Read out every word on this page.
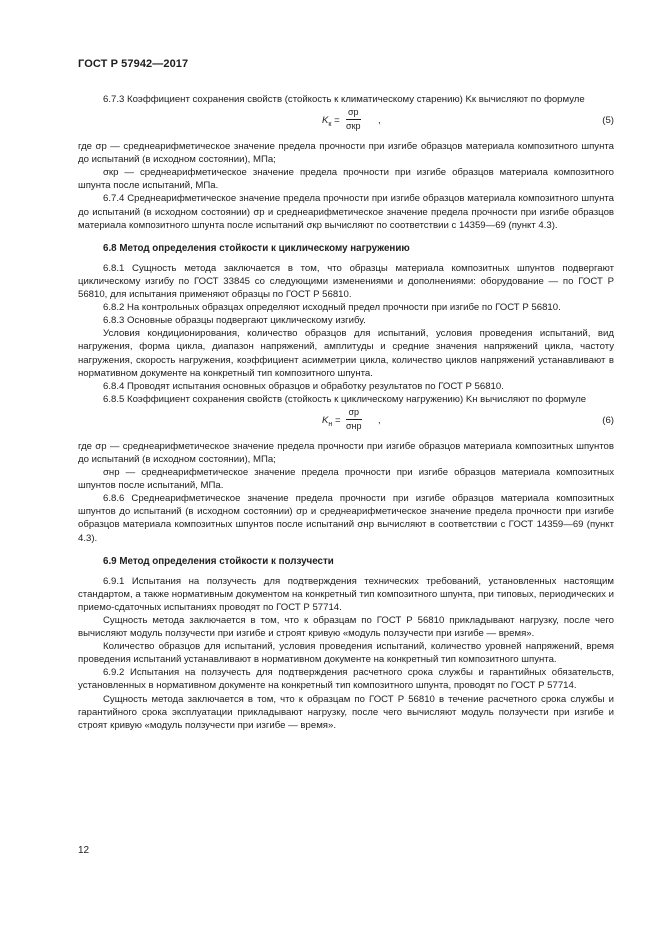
ГОСТ Р 57942—2017

6.7.3 Коэффициент сохранения свойств (стойкость к климатическому старению) Kк вычисляют по формуле

$K_к$ =
σр
σкр
,	(5)

где σр — среднеарифметическое значение предела прочности при изгибе образцов материала композитного шпунта до испытаний (в исходном состоянии), МПа;

σкр — среднеарифметическое значение предела прочности при изгибе образцов материала композитного шпунта после испытаний, МПа.

6.7.4 Среднеарифметическое значение предела прочности при изгибе образцов материала композитного шпунта до испытаний (в исходном состоянии) σр и среднеарифметическое значение предела прочности при изгибе образцов материала композитного шпунта после испытаний σкр вычисляют по соответствии с 14359—69 (пункт 4.3).

6.8 Метод определения стойкости к циклическому нагружению

6.8.1 Сущность метода заключается в том, что образцы материала композитных шпунтов подвергают циклическому изгибу по ГОСТ 33845 со следующими изменениями и дополнениями: оборудование — по ГОСТ Р 56810, для испытания применяют образцы по ГОСТ Р 56810.

6.8.2 На контрольных образцах определяют исходный предел прочности при изгибе по ГОСТ Р 56810.

6.8.3 Основные образцы подвергают циклическому изгибу.

Условия кондиционирования, количество образцов для испытаний, условия проведения испытаний, вид нагружения, форма цикла, диапазон напряжений, амплитуды и средние значения напряжений цикла, частоту нагружения, скорость нагружения, коэффициент асимметрии цикла, количество циклов напряжений устанавливают в нормативном документе на конкретный тип композитного шпунта.

6.8.4 Проводят испытания основных образцов и обработку результатов по ГОСТ Р 56810.

6.8.5 Коэффициент сохранения свойств (стойкость к циклическому нагружению) Kн вычисляют по формуле

$K_н$ =
σр
σнр
,	(6)

где σр — среднеарифметическое значение предела прочности при изгибе образцов материала композитных шпунтов до испытаний (в исходном состоянии), МПа;

σнр — среднеарифметическое значение предела прочности при изгибе образцов материала композитных шпунтов после испытаний, МПа.

6.8.6 Среднеарифметическое значение предела прочности при изгибе образцов материала композитных шпунтов до испытаний (в исходном состоянии) σр и среднеарифметическое значение предела прочности при изгибе образцов материала композитных шпунтов после испытаний σнр вычисляют в соответствии с ГОСТ 14359—69 (пункт 4.3).

6.9 Метод определения стойкости к ползучести

6.9.1 Испытания на ползучесть для подтверждения технических требований, установленных настоящим стандартом, а также нормативным документом на конкретный тип композитного шпунта, при типовых, периодических и приемо-сдаточных испытаниях проводят по ГОСТ Р 57714.

Сущность метода заключается в том, что к образцам по ГОСТ Р 56810 прикладывают нагрузку, после чего вычисляют модуль ползучести при изгибе и строят кривую «модуль ползучести при изгибе — время».

Количество образцов для испытаний, условия проведения испытаний, количество уровней напряжений, время проведения испытаний устанавливают в нормативном документе на конкретный тип композитного шпунта.

6.9.2 Испытания на ползучесть для подтверждения расчетного срока службы и гарантийных обязательств, установленных в нормативном документе на конкретный тип композитного шпунта, проводят по ГОСТ Р 57714.

Сущность метода заключается в том, что к образцам по ГОСТ Р 56810 в течение расчетного срока службы и гарантийного срока эксплуатации прикладывают нагрузку, после чего вычисляют модуль ползучести при изгибе и строят кривую «модуль ползучести при изгибе — время».

12
